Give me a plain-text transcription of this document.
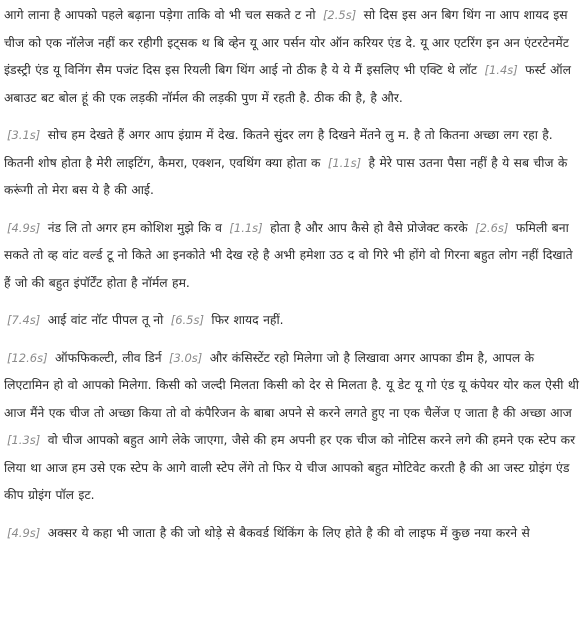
आगे लाना है आपको पहले बढ़ाना पड़ेगा ताकि वो भी चल सकते ट नो [2.5s] सो दिस इस अन बिग थिंग ना आप शायद इस चीज को एक नॉलेज नहीं कर रहीगी इट्सक थ बि व्हेन यू आर पर्सन योर ऑन करियर एंड दे. यू आर एटरिंग इन अन एंटरटेनमेंट इंडस्ट्री एंड यू विनिंग सैम पजंट दिस इस रियली बिग थिंग आई नो ठीक है ये ये मैं इसलिए भी एक्टि थे लॉट [1.4s] फर्स्ट ऑल अबाउट बट बोल हूं की एक लड़की नॉर्मल की लड़की पुण में रहती है. ठीक की है, है और.

[3.1s] सोच हम देखते हैं अगर आप इंग्राम में देख. कितने सुंदर लग है दिखने मेंतने लु म. है तो कितना अच्छा लग रहा है. कितनी शोष होता है मेरी लाइटिंग, कैमरा, एक्शन, एवथिंग क्या होता क [1.1s] है मेरे पास उतना पैसा नहीं है ये सब चीज के करूंगी तो मेरा बस ये है की आई.

[4.9s] नंड लि तो अगर हम कोशिश मुझे कि व [1.1s] होता है और आप कैसे हो वैसे प्रोजेक्ट करके [2.6s] फमिली बना सकते तो व्ह वांट वर्ल्ड टू नो किते आ इनकोते भी देख रहे है अभी हमेशा उठ द वो गिरे भी होंगे वो गिरना बहुत लोग नहीं दिखाते हैं जो की बहुत इंपॉर्टेंट होता है नॉर्मल हम.

[7.4s] आई वांट नॉट पीपल तू नो [6.5s] फिर शायद नहीं.

[12.6s] ऑफफिकल्टी, लीव डिर्न [3.0s] और कंसिस्टेंट रहो मिलेगा जो है लिखावा अगर आपका डीम है, आपल के लिएटामिन हो वो आपको मिलेगा. किसी को जल्दी मिलता किसी को देर से मिलता है. यू डेट यू गो एंड यू कंपेयर योर कल ऐसी थी आज मैंने एक चीज तो अच्छा किया तो वो कंपैरिजन के बाबा अपने से करने लगते हुए ना एक चैलेंज ए जाता है की अच्छा आज [1.3s] वो चीज आपको बहुत आगे लेके जाएगा, जैसे की हम अपनी हर एक चीज को नोटिस करने लगे की हमने एक स्टेप कर लिया था आज हम उसे एक स्टेप के आगे वाली स्टेप लेंगे तो फिर ये चीज आपको बहुत मोटिवेट करती है की आ जस्ट ग्रोइंग एंड कीप ग्रोइंग पॉल इट.

[4.9s] अक्सर ये कहा भी जाता है की जो थोड़े से बैकवर्ड थिंकिंग के लिए होते है की वो लाइफ में कुछ नया करने से
